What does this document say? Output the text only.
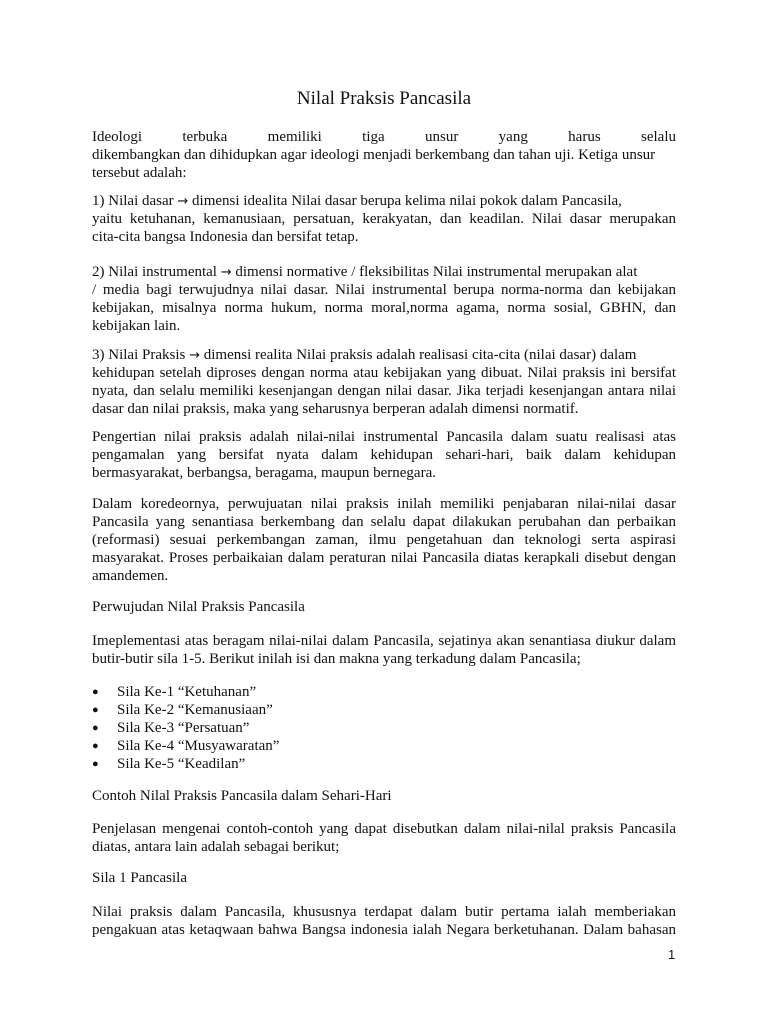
Nilal Praksis Pancasila
Ideologi terbuka memiliki tiga unsur yang harus selalu
dikembangkan dan dihidupkan agar ideologi menjadi berkembang dan tahan uji. Ketiga unsur
tersebut adalah:
1) Nilai dasar → dimensi idealita Nilai dasar berupa kelima nilai pokok dalam Pancasila,
yaitu ketuhanan, kemanusiaan, persatuan, kerakyatan, dan keadilan. Nilai dasar merupakan
cita-cita bangsa Indonesia dan bersifat tetap.
2) Nilai instrumental → dimensi normative / fleksibilitas Nilai instrumental merupakan alat
/ media bagi terwujudnya nilai dasar. Nilai instrumental berupa norma-norma dan kebijakan
kebijakan, misalnya norma hukum, norma moral,norma agama, norma sosial, GBHN, dan
kebijakan lain.
3) Nilai Praksis → dimensi realita Nilai praksis adalah realisasi cita-cita (nilai dasar) dalam
kehidupan setelah diproses dengan norma atau kebijakan yang dibuat. Nilai praksis ini bersifat
nyata, dan selalu memiliki kesenjangan dengan nilai dasar. Jika terjadi kesenjangan antara nilai
dasar dan nilai praksis, maka yang seharusnya berperan adalah dimensi normatif.
Pengertian nilai praksis adalah nilai-nilai instrumental Pancasila dalam suatu realisasi atas
pengamalan yang bersifat nyata dalam kehidupan sehari-hari, baik dalam kehidupan
bermasyarakat, berbangsa, beragama, maupun bernegara.
Dalam koredeornya, perwujuatan nilai praksis inilah memiliki penjabaran nilai-nilai dasar
Pancasila yang senantiasa berkembang dan selalu dapat dilakukan perubahan dan perbaikan
(reformasi) sesuai perkembangan zaman, ilmu pengetahuan dan teknologi serta aspirasi
masyarakat. Proses perbaikaian dalam peraturan nilai Pancasila diatas kerapkali disebut dengan
amandemen.
Perwujudan Nilal Praksis Pancasila
Imeplementasi atas beragam nilai-nilai dalam Pancasila, sejatinya akan senantiasa diukur dalam
butir-butir sila 1-5. Berikut inilah isi dan makna yang terkadung dalam Pancasila;
●	Sila Ke-1 “Ketuhanan”
●	Sila Ke-2 “Kemanusiaan”
●	Sila Ke-3 “Persatuan”
●	Sila Ke-4 “Musyawaratan”
●	Sila Ke-5 “Keadilan”
Contoh Nilal Praksis Pancasila dalam Sehari-Hari
Penjelasan mengenai contoh-contoh yang dapat disebutkan dalam nilai-nilal praksis Pancasila
diatas, antara lain adalah sebagai berikut;
Sila 1 Pancasila
Nilai praksis dalam Pancasila, khususnya terdapat dalam butir pertama ialah memberiakan
pengakuan atas ketaqwaan bahwa Bangsa indonesia ialah Negara berketuhanan. Dalam bahasan
1
